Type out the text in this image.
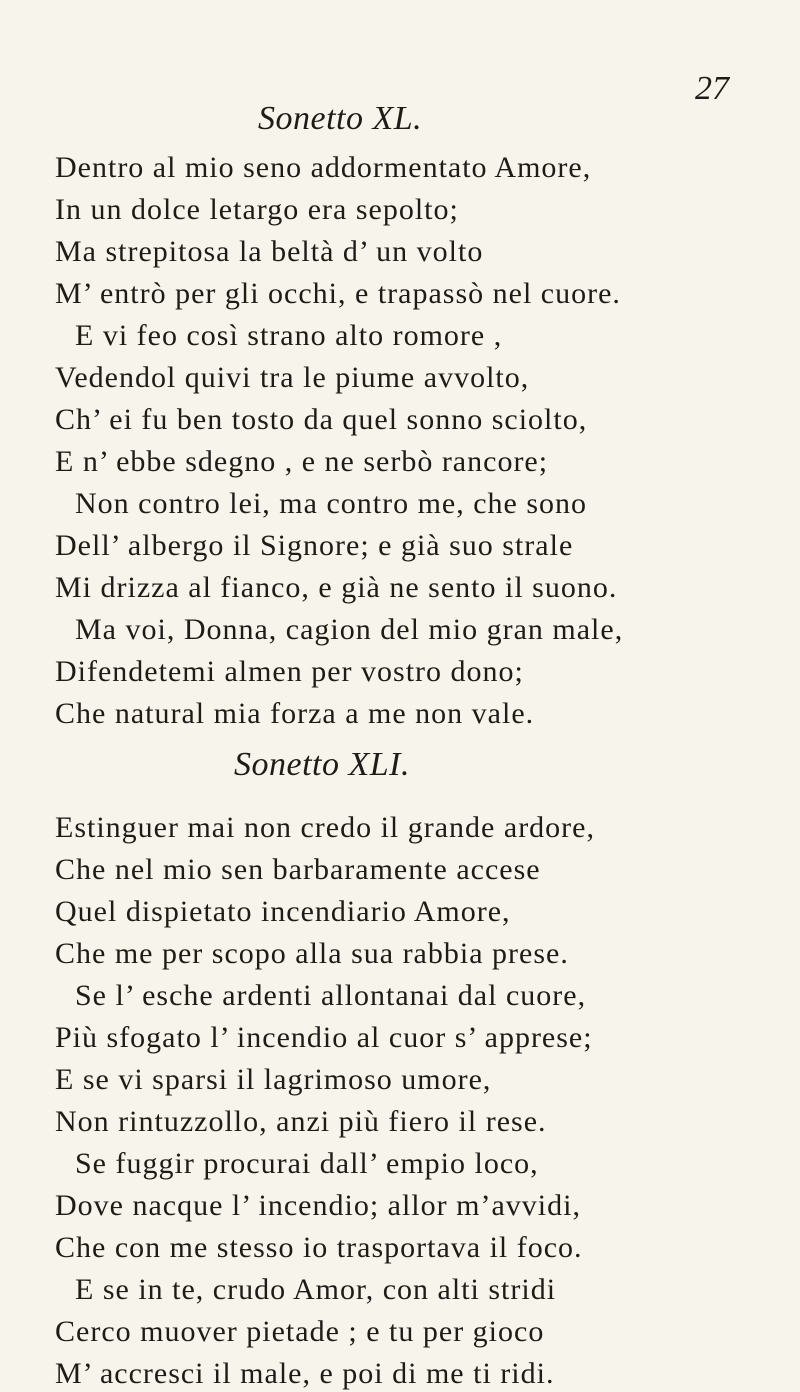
27
Sonetto XL.
Dentro al mio seno addormentato Amore,
In un dolce letargo era sepolto;
Ma strepitosa la beltà d’ un volto
M’ entrò per gli occhi, e trapassò nel cuore.
E vi feo così strano alto romore ,
Vedendol quivi tra le piume avvolto,
Ch’ ei fu ben tosto da quel sonno sciolto,
E n’ ebbe sdegno , e ne serbò rancore;
Non contro lei, ma contro me, che sono
Dell’ albergo il Signore; e già suo strale
Mi drizza al fianco, e già ne sento il suono.
Ma voi, Donna, cagion del mio gran male,
Difendetemi almen per vostro dono;
Che natural mia forza a me non vale.
Sonetto XLI.
Estinguer mai non credo il grande ardore,
Che nel mio sen barbaramente accese
Quel dispietato incendiario Amore,
Che me per scopo alla sua rabbia prese.
Se l’ esche ardenti allontanai dal cuore,
Più sfogato l’ incendio al cuor s’ apprese;
E se vi sparsi il lagrimoso umore,
Non rintuzzollo, anzi più fiero il rese.
Se fuggir procurai dall’ empio loco,
Dove nacque l’ incendio; allor m’avvidi,
Che con me stesso io trasportava il foco.
E se in te, crudo Amor, con alti stridi
Cerco muover pietade ; e tu per gioco
M’ accresci il male, e poi di me ti ridi.
